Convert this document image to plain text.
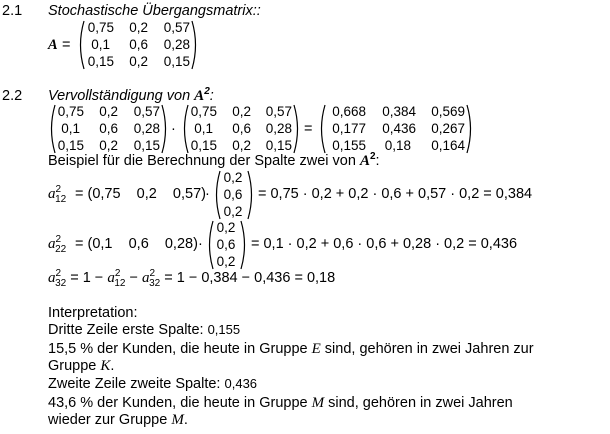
2.1 Stochastische Übergangsmatrix::
A =
0,75 0,2	0,57
0,1 0,6	0,28
0,15 0,2	0,15
2.2 Vervollständigung von $A^2$:
0,75 0,2	0,57
0,1 0,6	0,28
0,15 0,2	0,15
·
0,75 0,2	0,57
0,1 0,6	0,28
0,15 0,2	0,15
=
0,668	0,384	0,569
0,177	0,436	0,267
0,155	0,18	0,164
Beispiel für die Berechnung der Spalte zwei von $A^2$:
$a^2_{12} = (0,75$    0,2    0,57) ·
0,2
0,6
0,2
= 0,75 · 0,2 + 0,2 · 0,6 + 0,57 · 0,2 = 0,384
$a^2_{22} = (0,1$    0,6    0,28) ·
0,2
0,6
0,2
= 0,1 · 0,2 + 0,6 · 0,6 + 0,28 · 0,2 = 0,436
$a^2_{32} = 1 - a^2_{12} - a^2_{32} = 1 - 0,384 - 0,436 = 0,18$
Interpretation:
Dritte Zeile erste Spalte: 0,155
15,5 % der Kunden, die heute in Gruppe E sind, gehören in zwei Jahren zur
Gruppe K.
Zweite Zeile zweite Spalte: 0,436
43,6 % der Kunden, die heute in Gruppe M sind, gehören in zwei Jahren
wieder zur Gruppe M.
